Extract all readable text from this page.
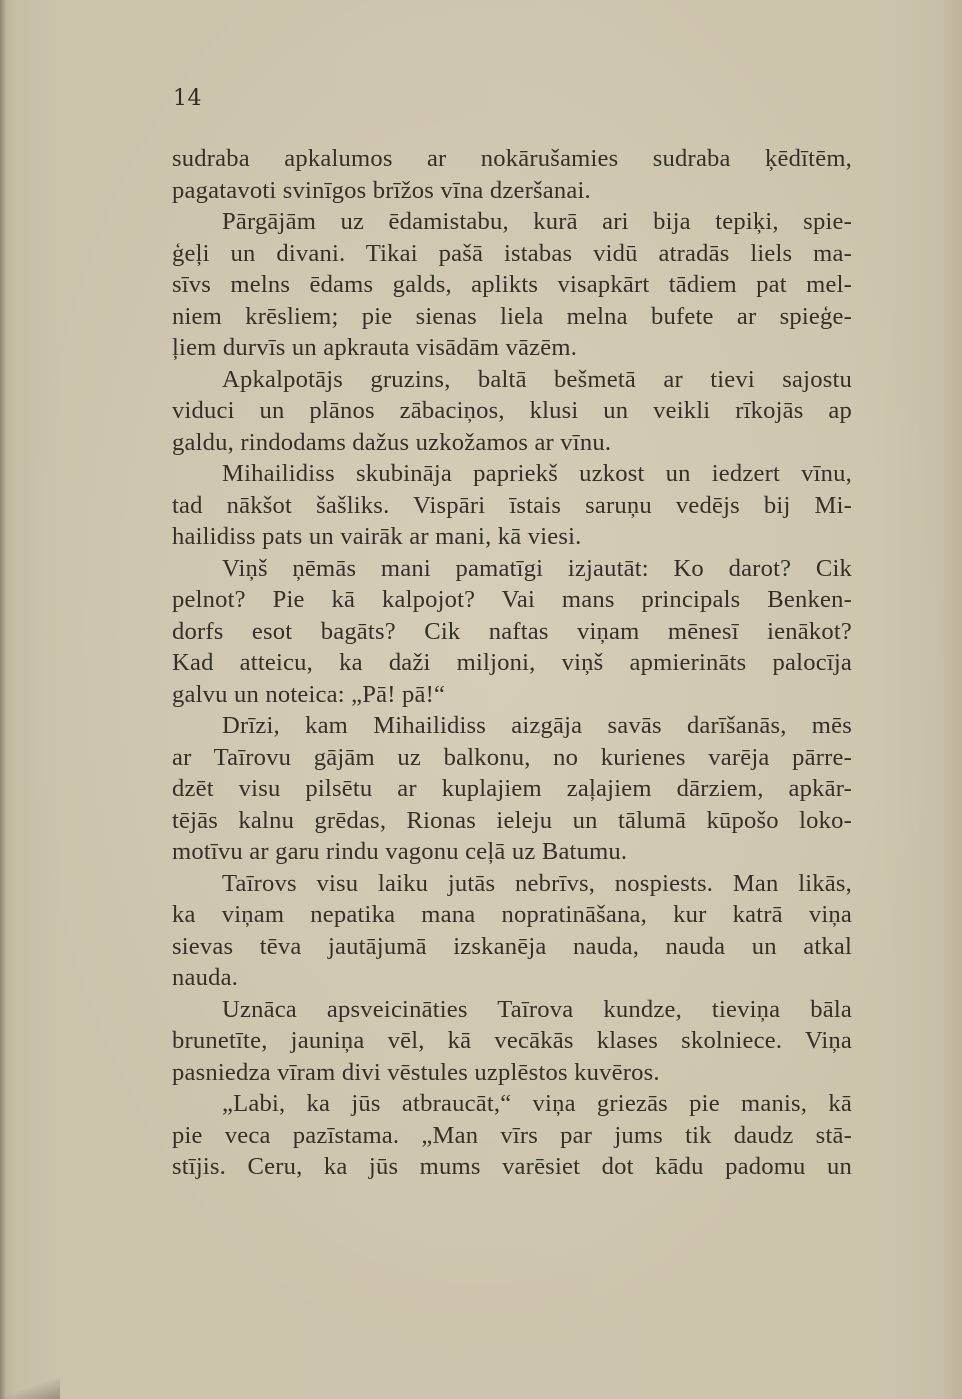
14
sudraba apkalumos ar nokārušamies sudraba ķēdītēm,
pagatavoti svinīgos brīžos vīna dzeršanai.
Pārgājām uz ēdamistabu, kurā ari bija tepiķi, spie-
ģeļi un divani. Tikai pašā istabas vidū atradās liels ma-
sīvs melns ēdams galds, aplikts visapkārt tādiem pat mel-
niem krēsliem; pie sienas liela melna bufete ar spieģe-
ļiem durvīs un apkrauta visādām vāzēm.
Apkalpotājs gruzins, baltā bešmetā ar tievi sajostu
viduci un plānos zābaciņos, klusi un veikli rīkojās ap
galdu, rindodams dažus uzkožamos ar vīnu.
Mihailidiss skubināja papriekš uzkost un iedzert vīnu,
tad nākšot šašliks. Vispāri īstais saruņu vedējs bij Mi-
hailidiss pats un vairāk ar mani, kā viesi.
Viņš ņēmās mani pamatīgi izjautāt: Ko darot? Cik
pelnot? Pie kā kalpojot? Vai mans principals Benken-
dorfs esot bagāts? Cik naftas viņam mēnesī ienākot?
Kad atteicu, ka daži miljoni, viņš apmierināts palocīja
galvu un noteica: „Pā! pā!“
Drīzi, kam Mihailidiss aizgāja savās darīšanās, mēs
ar Taīrovu gājām uz balkonu, no kurienes varēja pārre-
dzēt visu pilsētu ar kuplajiem zaļajiem dārziem, apkār-
tējās kalnu grēdas, Rionas ieleju un tālumā kūpošo loko-
motīvu ar garu rindu vagonu ceļā uz Batumu.
Taīrovs visu laiku jutās nebrīvs, nospiests. Man likās,
ka viņam nepatika mana nopratināšana, kur katrā viņa
sievas tēva jautājumā izskanēja nauda, nauda un atkal
nauda.
Uznāca apsveicināties Taīrova kundze, tieviņa bāla
brunetīte, jauniņa vēl, kā vecākās klases skolniece. Viņa
pasniedza vīram divi vēstules uzplēstos kuvēros.
„Labi, ka jūs atbraucāt,“ viņa griezās pie manis, kā
pie veca pazīstama. „Man vīrs par jums tik daudz stā-
stījis. Ceru, ka jūs mums varēsiet dot kādu padomu un
